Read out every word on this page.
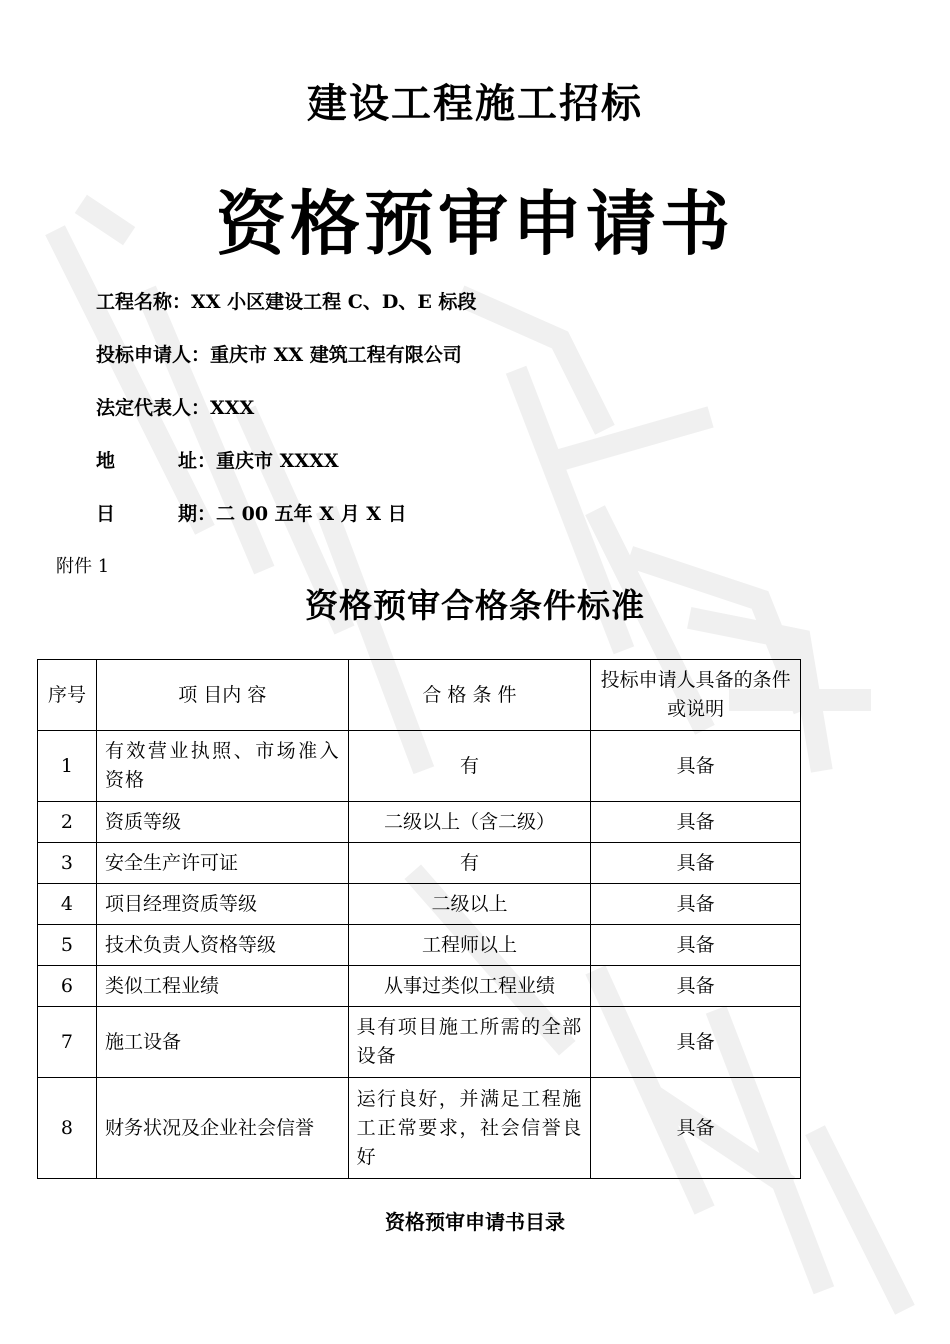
建设工程施工招标
资格预审申请书
工程名称：XX 小区建设工程 C、D、E 标段
投标申请人：重庆市 XX 建筑工程有限公司
法定代表人：XXX
地	址：重庆市 XXXX
日	期：二 00 五年 X 月 X 日
附件 1
资格预审合格条件标准
序号	项 目内 容	合 格 条 件	投标申请人具备的条件或说明
1	有效营业执照、市场准入资格	有	具备
2	资质等级	二级以上（含二级）	具备
3	安全生产许可证	有	具备
4	项目经理资质等级	二级以上	具备
5	技术负责人资格等级	工程师以上	具备
6	类似工程业绩	从事过类似工程业绩	具备
7	施工设备	具有项目施工所需的全部设备	具备
8	财务状况及企业社会信誉	运行良好，并满足工程施工正常要求，社会信誉良好	具备
资格预审申请书目录
